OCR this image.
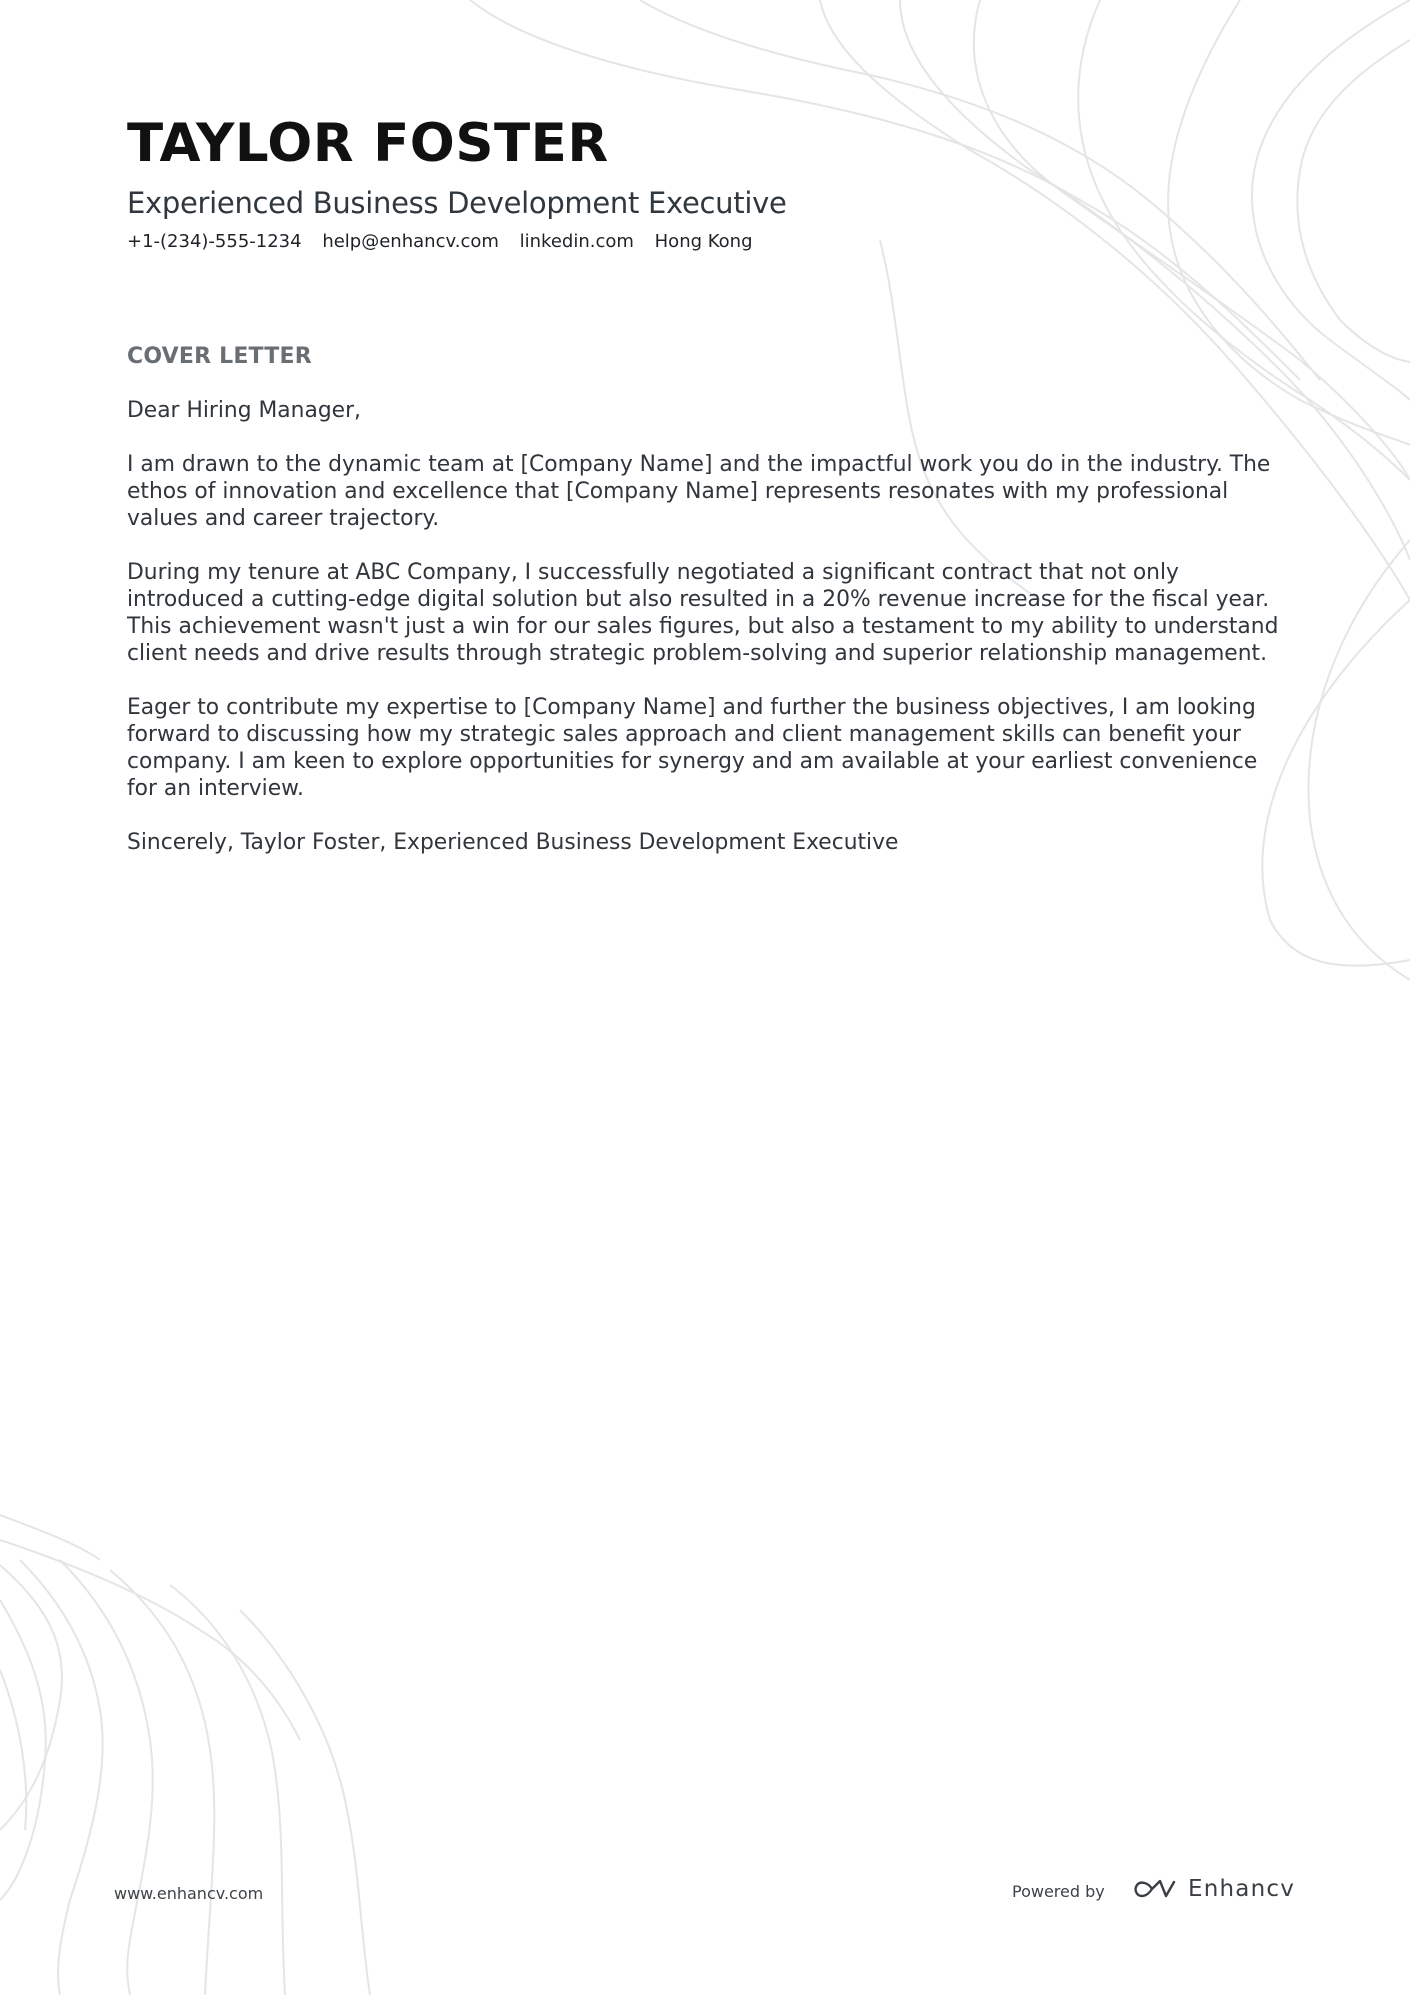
TAYLOR FOSTER
Experienced Business Development Executive
+1-(234)-555-1234 help@enhancv.com linkedin.com Hong Kong
COVER LETTER

Dear Hiring Manager,

I am drawn to the dynamic team at [Company Name] and the impactful work you do in the industry. The ethos of innovation and excellence that [Company Name] represents resonates with my professional values and career trajectory.

During my tenure at ABC Company, I successfully negotiated a significant contract that not only introduced a cutting-edge digital solution but also resulted in a 20% revenue increase for the fiscal year. This achievement wasn't just a win for our sales figures, but also a testament to my ability to understand client needs and drive results through strategic problem-solving and superior relationship management.

Eager to contribute my expertise to [Company Name] and further the business objectives, I am looking forward to discussing how my strategic sales approach and client management skills can benefit your company. I am keen to explore opportunities for synergy and am available at your earliest convenience for an interview.

Sincerely, Taylor Foster, Experienced Business Development Executive

www.enhancv.com	Powered by	Enhancv
